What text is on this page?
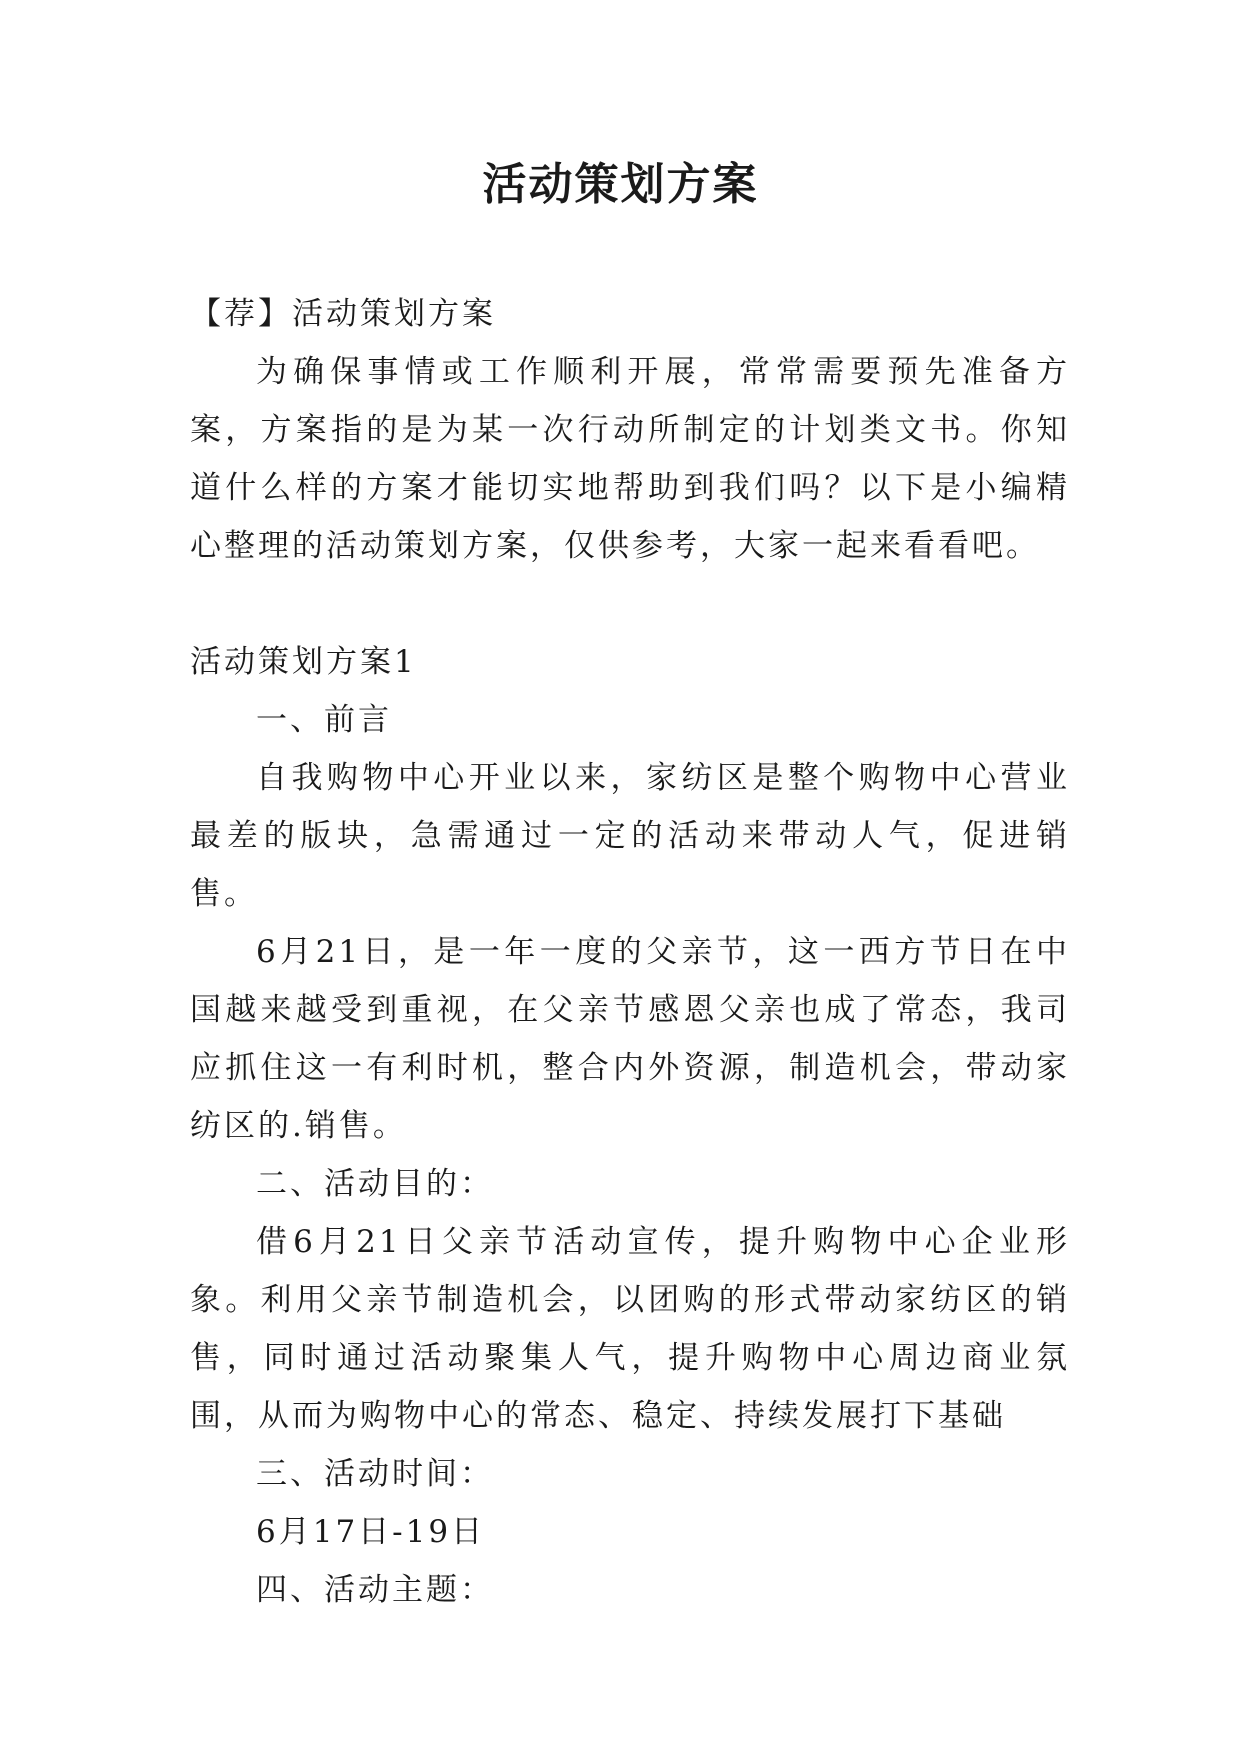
活动策划方案

【荐】活动策划方案

为确保事情或工作顺利开展，常常需要预先准备方案，方案指的是为某一次行动所制定的计划类文书。你知道什么样的方案才能切实地帮助到我们吗？以下是小编精心整理的活动策划方案，仅供参考，大家一起来看看吧。

活动策划方案1

一、前言

自我购物中心开业以来，家纺区是整个购物中心营业最差的版块，急需通过一定的活动来带动人气，促进销售。

6月21日，是一年一度的父亲节，这一西方节日在中国越来越受到重视，在父亲节感恩父亲也成了常态，我司应抓住这一有利时机，整合内外资源，制造机会，带动家纺区的.销售。

二、活动目的：

借6月21日父亲节活动宣传，提升购物中心企业形象。利用父亲节制造机会，以团购的形式带动家纺区的销售，同时通过活动聚集人气，提升购物中心周边商业氛围，从而为购物中心的常态、稳定、持续发展打下基础

三、活动时间：

6月17日-19日

四、活动主题：
